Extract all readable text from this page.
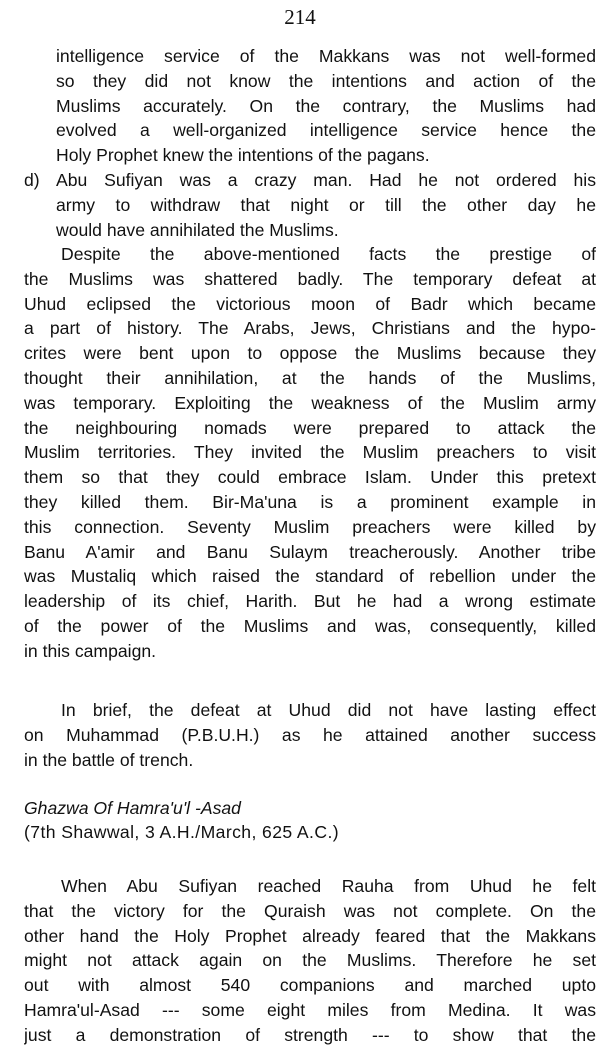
214
intelligence service of the Makkans was not well-formed
so they did not know the intentions and action of the
Muslims accurately. On the contrary, the Muslims had
evolved a well-organized intelligence service hence the
Holy Prophet knew the intentions of the pagans.
d) Abu Sufiyan was a crazy man. Had he not ordered his
army to withdraw that night or till the other day he
would have annihilated the Muslims.
Despite the above-mentioned facts the prestige of
the Muslims was shattered badly. The temporary defeat at
Uhud eclipsed the victorious moon of Badr which became
a part of history. The Arabs, Jews, Christians and the hypo-
crites were bent upon to oppose the Muslims because they
thought their annihilation, at the hands of the Muslims,
was temporary. Exploiting the weakness of the Muslim army
the neighbouring nomads were prepared to attack the
Muslim territories. They invited the Muslim preachers to visit
them so that they could embrace Islam. Under this pretext
they killed them. Bir-Ma'una is a prominent example in
this connection. Seventy Muslim preachers were killed by
Banu A'amir and Banu Sulaym treacherously. Another tribe
was Mustaliq which raised the standard of rebellion under the
leadership of its chief, Harith. But he had a wrong estimate
of the power of the Muslims and was, consequently, killed
in this campaign.
In brief, the defeat at Uhud did not have lasting effect
on Muhammad (P.B.U.H.) as he attained another success
in the battle of trench.
Ghazwa Of Hamra'u'l -Asad
(7th Shawwal, 3 A.H./March, 625 A.C.)
When Abu Sufiyan reached Rauha from Uhud he felt
that the victory for the Quraish was not complete. On the
other hand the Holy Prophet already feared that the Makkans
might not attack again on the Muslims. Therefore he set
out with almost 540 companions and marched upto
Hamra'ul-Asad --- some eight miles from Medina. It was
just a demonstration of strength --- to show that the
